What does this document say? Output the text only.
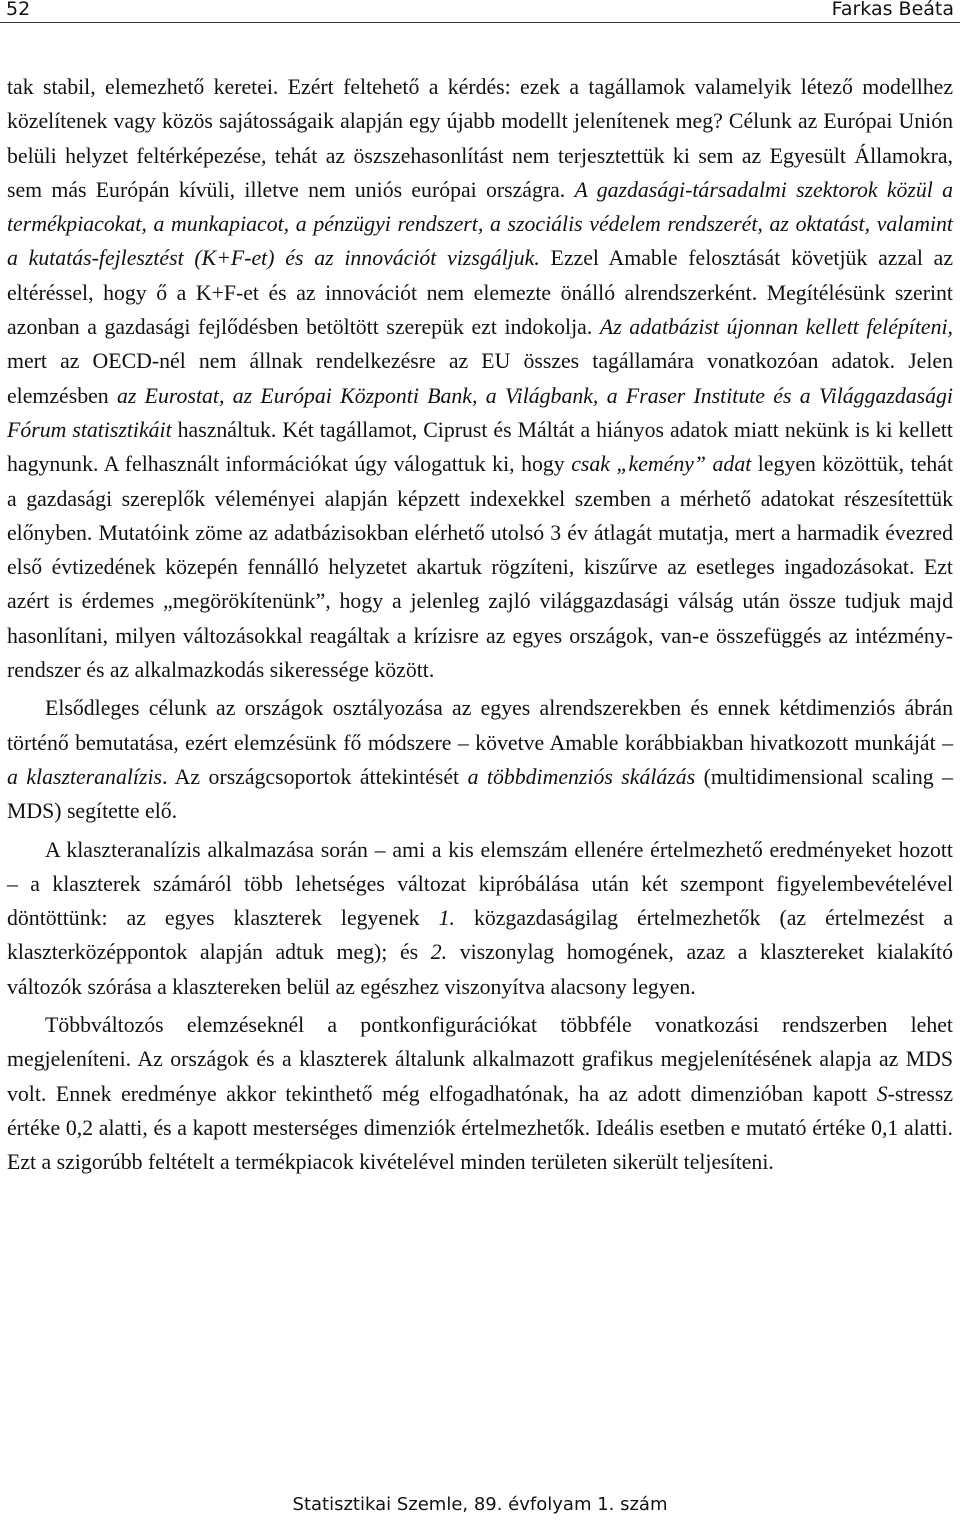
52	Farkas Beáta

tak stabil, elemezhető keretei. Ezért feltehető a kérdés: ezek a tagállamok valamelyik létező modellhez közelítenek vagy közös sajátosságaik alapján egy újabb modellt jelenítenek meg? Célunk az Európai Unión belüli helyzet feltérképezése, tehát az öszszehasonlítást nem terjesztettük ki sem az Egyesült Államokra, sem más Európán kívüli, illetve nem uniós európai országra. A gazdasági-társadalmi szektorok közül a termékpiacokat, a munkapiacot, a pénzügyi rendszert, a szociális védelem rendszerét, az oktatást, valamint a kutatás-fejlesztést (K+F-et) és az innovációt vizsgáljuk. Ezzel Amable felosztását követjük azzal az eltéréssel, hogy ő a K+F-et és az innovációt nem elemezte önálló alrendszerként. Megítélésünk szerint azonban a gazdasági fejlődésben betöltött szerepük ezt indokolja. Az adatbázist újonnan kellett felépíteni, mert az OECD-nél nem állnak rendelkezésre az EU összes tagállamára vonatkozóan adatok. Jelen elemzésben az Eurostat, az Európai Központi Bank, a Világbank, a Fraser Institute és a Világgazdasági Fórum statisztikáit használtuk. Két tagállamot, Ciprust és Máltát a hiányos adatok miatt nekünk is ki kellett hagynunk. A felhasznált információkat úgy válogattuk ki, hogy csak „kemény” adat legyen közöttük, tehát a gazdasági szereplők véleményei alapján képzett indexekkel szemben a mérhető adatokat részesítettük előnyben. Mutatóink zöme az adatbázisokban elérhető utolsó 3 év átlagát mutatja, mert a harmadik évezred első évtizedének közepén fennálló helyzetet akartuk rögzíteni, kiszűrve az esetleges ingadozásokat. Ezt azért is érdemes „megörökítenünk”, hogy a jelenleg zajló világgazdasági válság után össze tudjuk majd hasonlítani, milyen változásokkal reagáltak a krízisre az egyes országok, van-e összefüggés az intézményrendszer és az alkalmazkodás sikeressége között.

Elsődleges célunk az országok osztályozása az egyes alrendszerekben és ennek kétdimenziós ábrán történő bemutatása, ezért elemzésünk fő módszere – követve Amable korábbiakban hivatkozott munkáját – a klaszteranalízis. Az országcsoportok áttekintését a többdimenziós skálázás (multidimensional scaling – MDS) segítette elő.

A klaszteranalízis alkalmazása során – ami a kis elemszám ellenére értelmezhető eredményeket hozott – a klaszterek számáról több lehetséges változat kipróbálása után két szempont figyelembevételével döntöttünk: az egyes klaszterek legyenek 1. közgazdaságilag értelmezhetők (az értelmezést a klaszterközéppontok alapján adtuk meg); és 2. viszonylag homogének, azaz a klasztereket kialakító változók szórása a klasztereken belül az egészhez viszonyítva alacsony legyen.

Többváltozós elemzéseknél a pontkonfigurációkat többféle vonatkozási rendszerben lehet megjeleníteni. Az országok és a klaszterek általunk alkalmazott grafikus megjelenítésének alapja az MDS volt. Ennek eredménye akkor tekinthető még elfogadhatónak, ha az adott dimenzióban kapott S-stressz értéke 0,2 alatti, és a kapott mesterséges dimenziók értelmezhetők. Ideális esetben e mutató értéke 0,1 alatti. Ezt a szigorúbb feltételt a termékpiacok kivételével minden területen sikerült teljesíteni.

Statisztikai Szemle, 89. évfolyam 1. szám
